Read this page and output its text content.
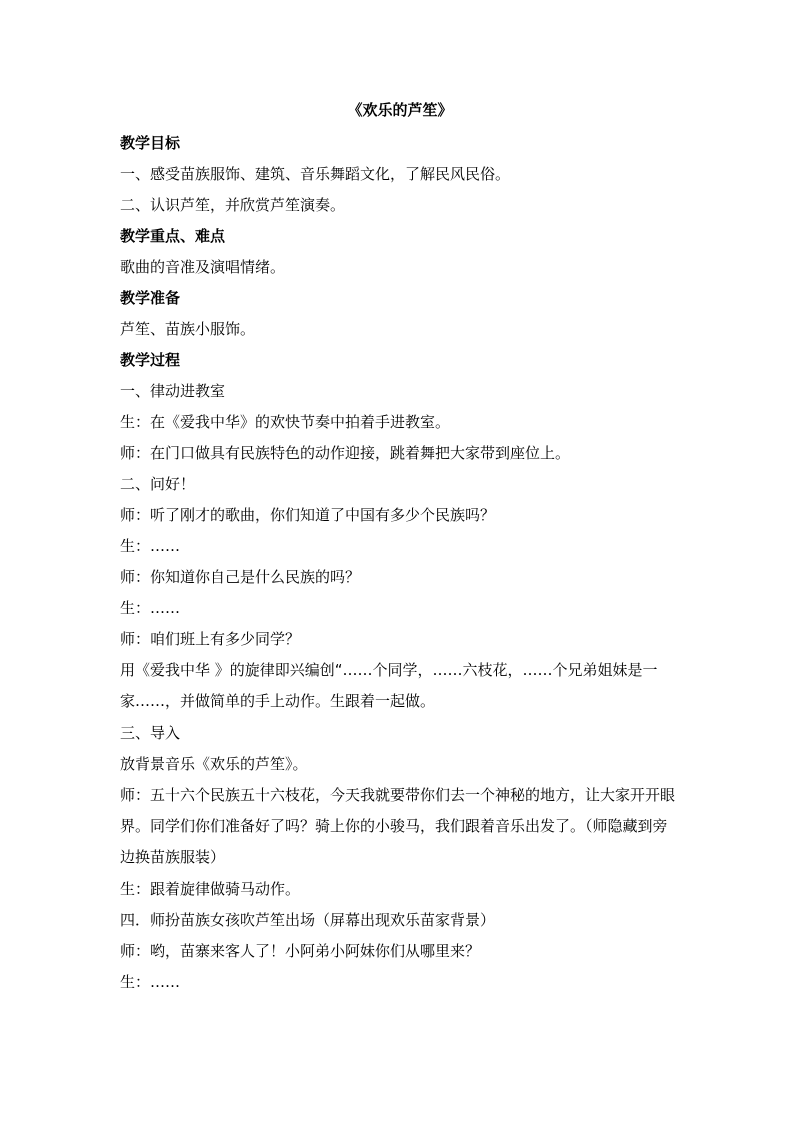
《欢乐的芦笙》
教学目标
一、感受苗族服饰、建筑、音乐舞蹈文化，了解民风民俗。
二、认识芦笙，并欣赏芦笙演奏。
教学重点、难点
歌曲的音准及演唱情绪。
教学准备
芦笙、苗族小服饰。
教学过程
一、律动进教室
生：在《爱我中华》的欢快节奏中拍着手进教室。
师：在门口做具有民族特色的动作迎接，跳着舞把大家带到座位上。
二、问好！
师：听了刚才的歌曲，你们知道了中国有多少个民族吗？
生：……
师：你知道你自己是什么民族的吗？
生：……
师：咱们班上有多少同学？
用《爱我中华 》的旋律即兴编创“……个同学，……六枝花，……个兄弟姐妹是一家……，并做简单的手上动作。生跟着一起做。
三、导入
放背景音乐《欢乐的芦笙》。
师：五十六个民族五十六枝花，今天我就要带你们去一个神秘的地方，让大家开开眼界。同学们你们准备好了吗？骑上你的小骏马，我们跟着音乐出发了。（师隐藏到旁边换苗族服装）
生：跟着旋律做骑马动作。
四．师扮苗族女孩吹芦笙出场（屏幕出现欢乐苗家背景）
师：哟，苗寨来客人了！小阿弟小阿妹你们从哪里来？
生：……
